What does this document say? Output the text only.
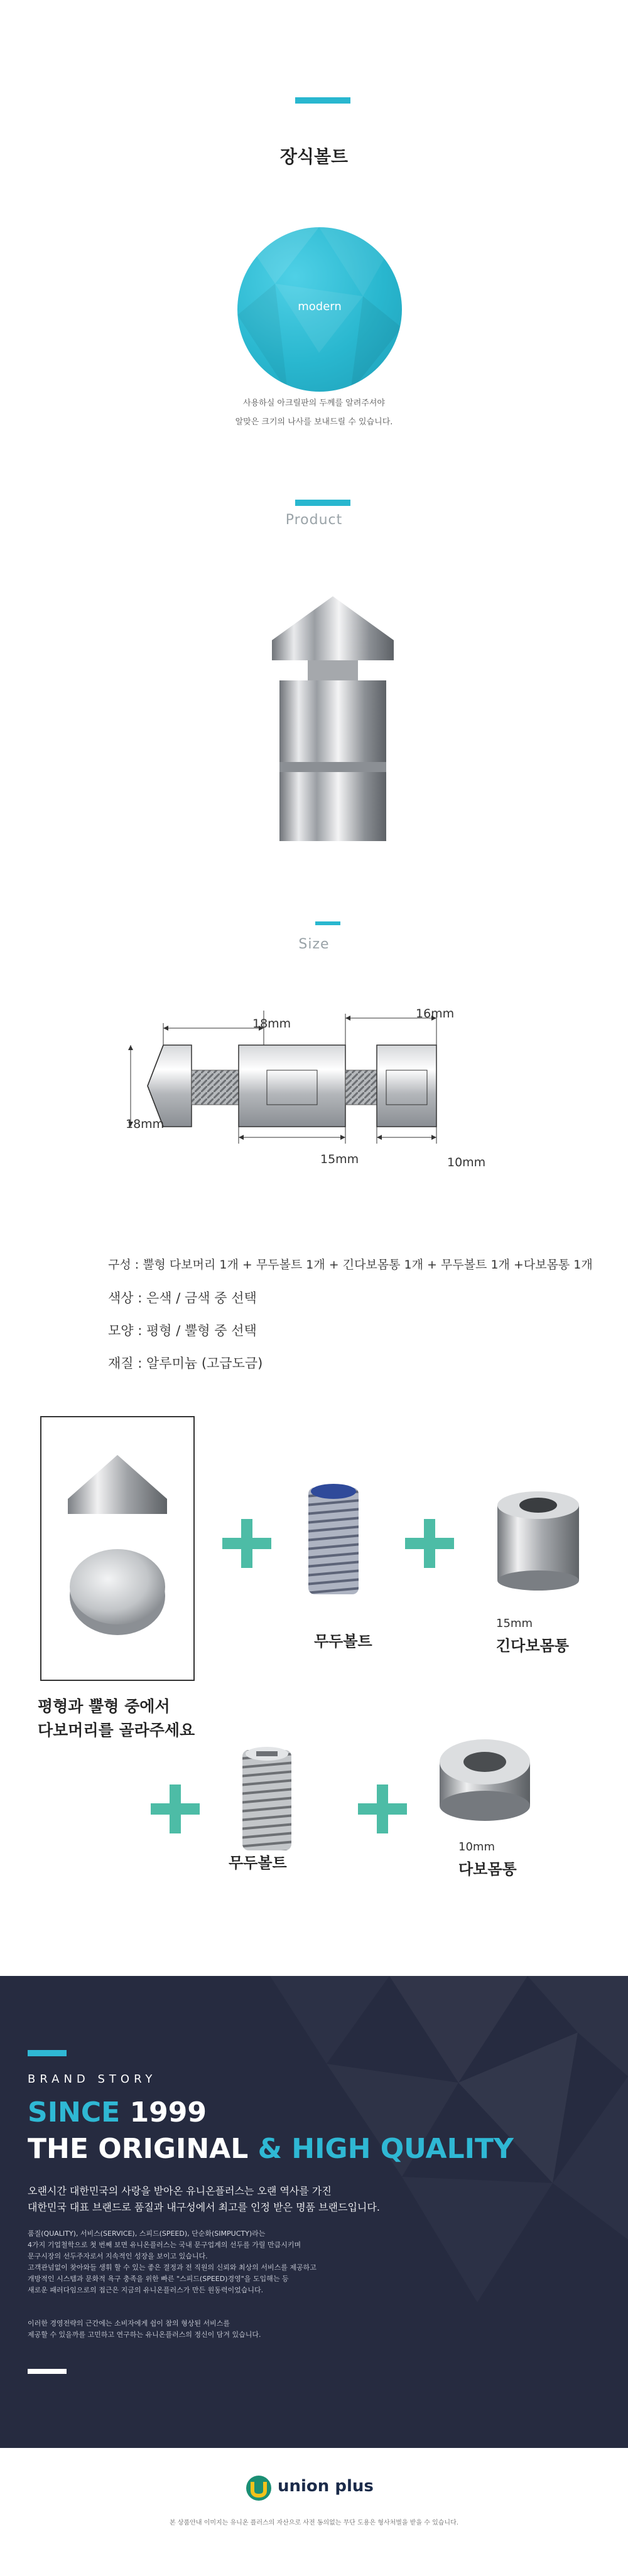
장식볼트
modern
사용하실 아크릴판의 두께를 알려주셔야
알맞은 크기의 나사를 보내드릴 수 있습니다.
Product
Size
18mm
16mm
18mm
15mm	10mm
구성 : 뿔형 다보머리 1개 + 무두볼트 1개 + 긴다보몸통 1개 + 무두볼트 1개 +다보몸통 1개
색상 : 은색 / 금색 중 선택
모양 : 평형 / 뿔형 중 선택
재질 : 알루미늄 (고급도금)
평형과 뿔형 중에서
다보머리를 골라주세요
무두볼트
15mm
긴다보몸통
무두볼트
10mm
다보몸통
BRAND STORY
SINCE 1999
THE ORIGINAL & HIGH QUALITY
오랜시간 대한민국의 사랑을 받아온 유니온플러스는 오랜 역사를 가진
대한민국 대표 브랜드로 품질과 내구성에서 최고를 인정 받은 명품 브랜드입니다.
품질(QUALITY), 서비스(SERVICE), 스피드(SPEED), 단순화(SIMPUCTY)라는
4가지 기업철학으로 첫 번째 보면 유니온플러스는 국내 문구업계의 선두를 가릴 만큼시키며
문구시장의 선두주자로서 지속적인 성장을 보이고 있습니다.
고객관넘없이 찾아와들 생휘 할 수 있는 좋은 결정과 전 직원의 신뢰와 최상의 서비스를 제공하고
개방적인 시스템과 문화적 욕구 충족을 위한 빠른 "스피드(SPEED)경영"을 도입해는 등
새로운 패러다임으로의 접근은 지금의 유니온플러스가 만든 원동력이었습니다.
이러한 경영전략의 근간에는 소비자에게 쉽이 참의 형상된 서비스를
제공할 수 있을까를 고민하고 연구하는 유니온플러스의 정신이 담겨 있습니다.
union plus
본 상품안내 이미지는 유니온 플러스의 자산으로 사전 동의없는 무단 도용은 형사처벌을 받을 수 있습니다.
